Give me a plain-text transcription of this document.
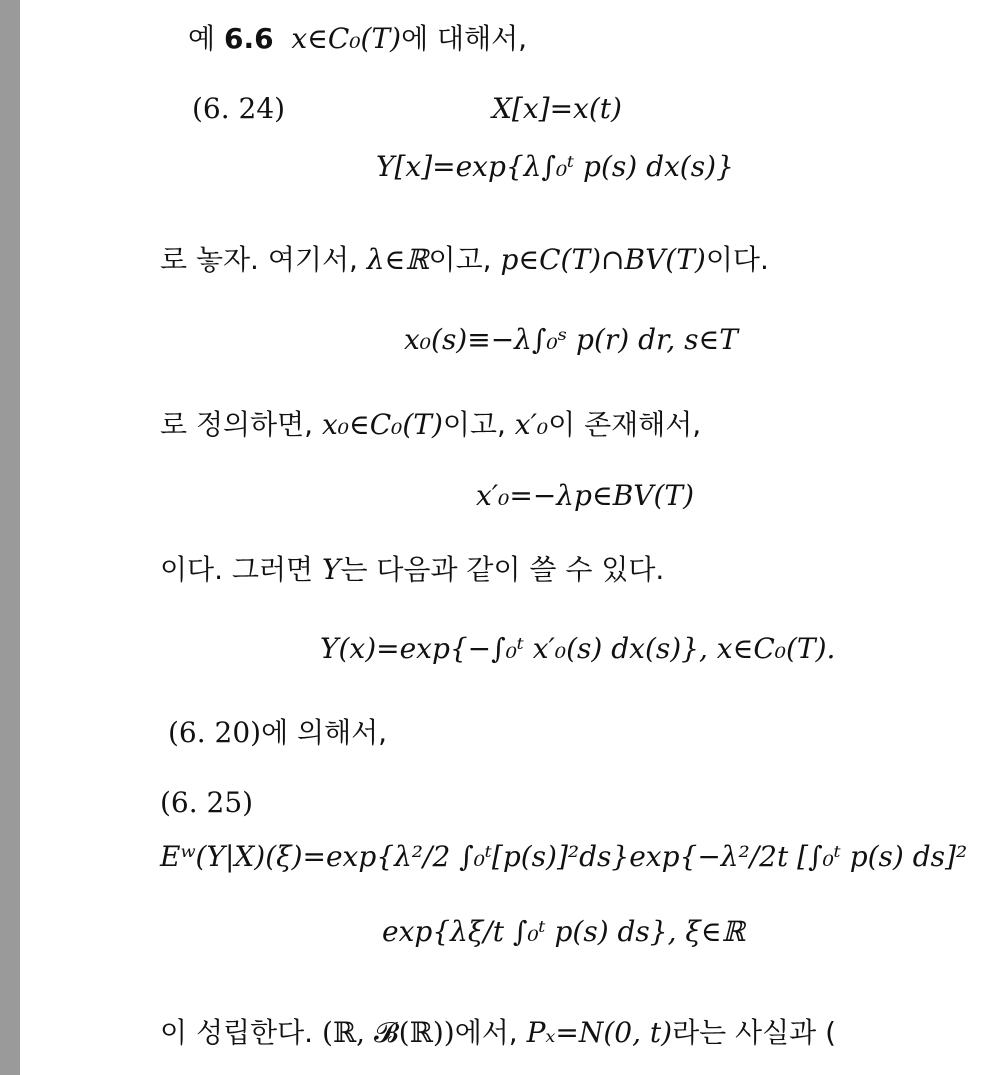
예 6.6 x∈C₀(T)에 대해서,
(6. 24)	X[x]=x(t)
Y[x]=exp{λ∫₀ᵗ p(s) dx(s)}
로 놓자. 여기서, λ∈ℝ이고, p∈C(T)∩BV(T)이다.
x₀(s)≡−λ∫₀ˢ p(r) dr, s∈T
로 정의하면, x₀∈C₀(T)이고, x′₀이 존재해서,
x′₀=−λp∈BV(T)
이다. 그러면 Y는 다음과 같이 쓸 수 있다.
Y(x)=exp{−∫₀ᵗ x′₀(s) dx(s)}, x∈C₀(T).
(6. 20)에 의해서,
(6. 25)
Eʷ(Y|X)(ξ)=exp{λ²/2 ∫₀ᵗ[p(s)]²ds}exp{−λ²/2t [∫₀ᵗ p(s) ds]²
exp{λξ/t ∫₀ᵗ p(s) ds}, ξ∈ℝ
이 성립한다. (ℝ, 𝓑(ℝ))에서, Pₓ=N(0, t)라는 사실과 (
